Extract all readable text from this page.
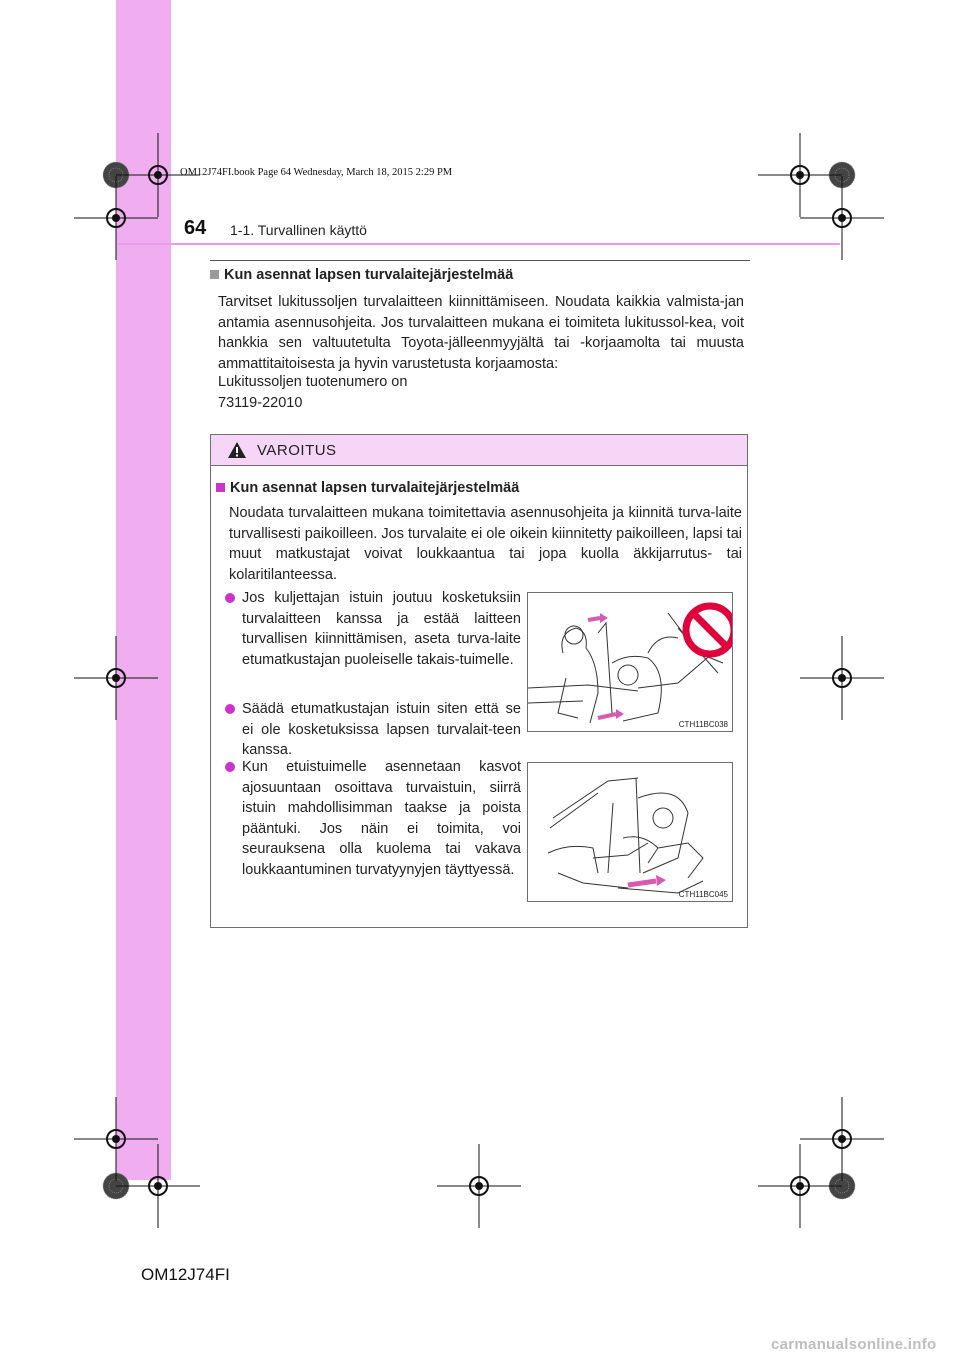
OM12J74FI.book Page 64 Wednesday, March 18, 2015 2:29 PM
64 1-1. Turvallinen käyttö
Kun asennat lapsen turvalaitejärjestelmää

Tarvitset lukitussoljen turvalaitteen kiinnittämiseen. Noudata kaikkia valmista-jan antamia asennusohjeita. Jos turvalaitteen mukana ei toimiteta lukitussol-kea, voit hankkia sen valtuutetulta Toyota-jälleenmyyjältä tai -korjaamolta tai muusta ammattitaitoisesta ja hyvin varustetusta korjaamosta:

Lukitussoljen tuotenumero on

73119-22010

VAROITUS
Kun asennat lapsen turvalaitejärjestelmää

Noudata turvalaitteen mukana toimitettavia asennusohjeita ja kiinnitä turva-laite turvallisesti paikoilleen. Jos turvalaite ei ole oikein kiinnitetty paikoilleen, lapsi tai muut matkustajat voivat loukkaantua tai jopa kuolla äkkijarrutus- tai kolaritilanteessa.

Jos kuljettajan istuin joutuu kosketuksiin turvalaitteen kanssa ja estää laitteen turvallisen kiinnittämisen, aseta turva-laite etumatkustajan puoleiselle takais-tuimelle.
Säädä etumatkustajan istuin siten että se ei ole kosketuksissa lapsen turvalait-teen kanssa.
Kun etuistuimelle asennetaan kasvot ajosuuntaan osoittava turvaistuin, siirrä istuin mahdollisimman taakse ja poista pääntuki. Jos näin ei toimita, voi seurauksena olla kuolema tai vakava loukkaantuminen turvatyynyjen täyttyessä.
CTH11BC038
CTH11BC045
OM12J74FI
carmanualsonline.info
